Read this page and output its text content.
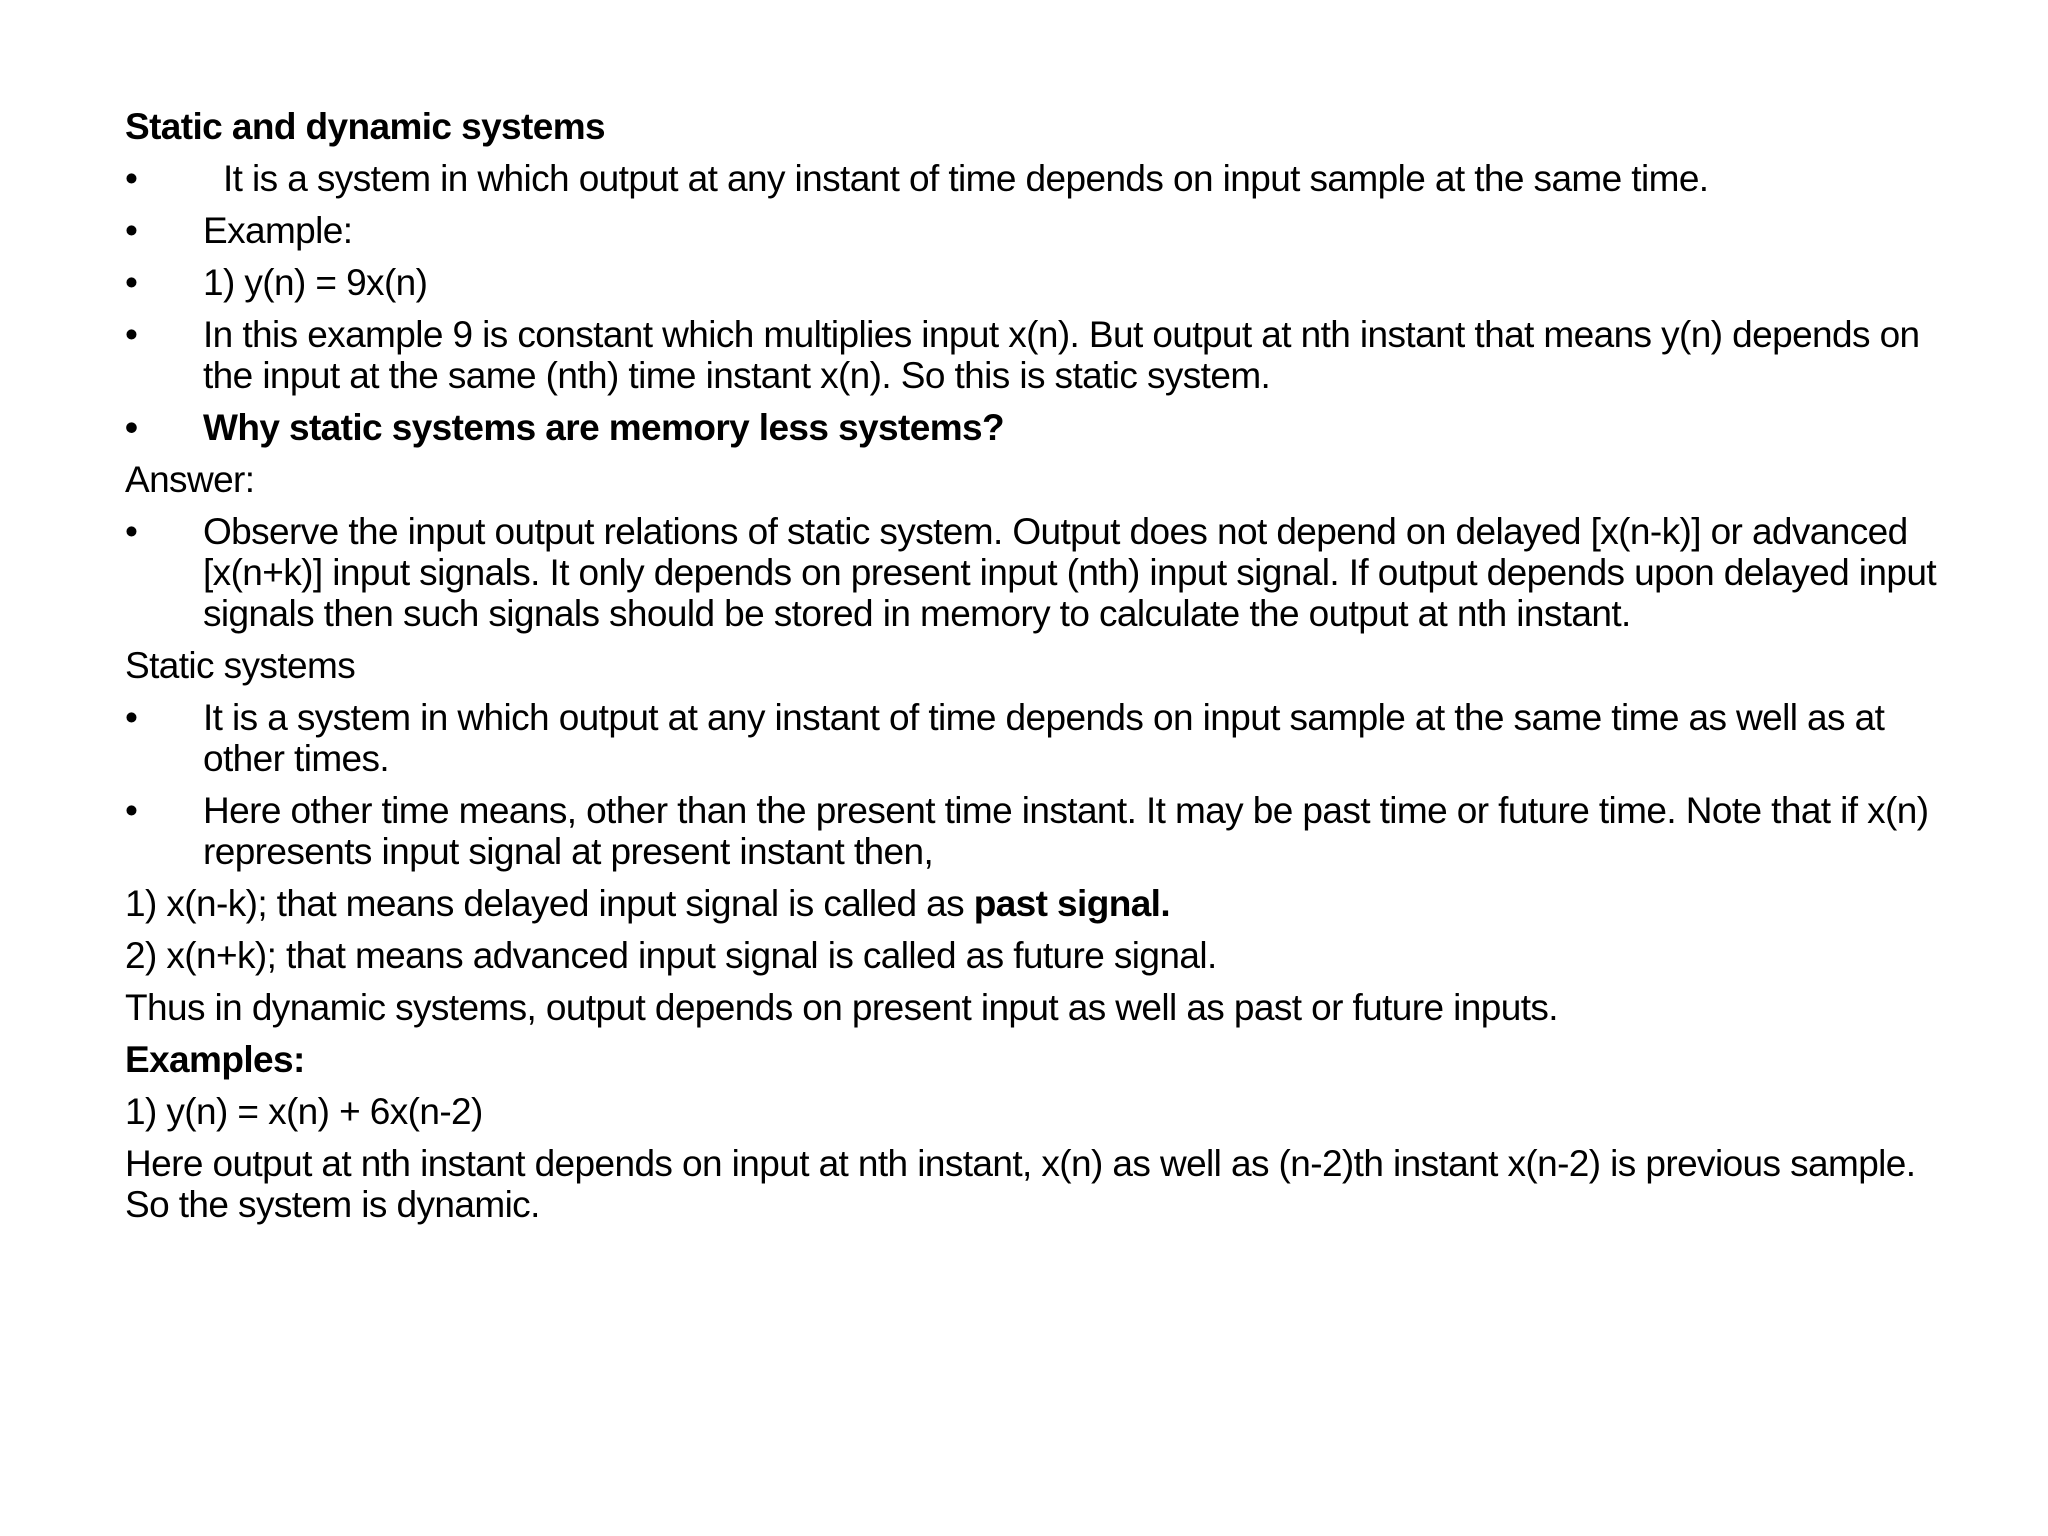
Static and dynamic systems
•	It is a system in which output at any instant of time depends on input sample at the same time.
•	Example:
•	1) y(n) = 9x(n)
•	In this example 9 is constant which multiplies input x(n). But output at nth instant that means y(n) depends on the input at the same (nth) time instant x(n). So this is static system.
•	Why static systems are memory less systems?
Answer:
•	Observe the input output relations of static system. Output does not depend on delayed [x(n-k)] or advanced [x(n+k)] input signals. It only depends on present input (nth) input signal. If output depends upon delayed input signals then such signals should be stored in memory to calculate the output at nth instant.
Static systems
•	It is a system in which output at any instant of time depends on input sample at the same time as well as at other times.
•	Here other time means, other than the present time instant. It may be past time or future time. Note that if x(n) represents input signal at present instant then,
1) x(n-k); that means delayed input signal is called as past signal.
2) x(n+k); that means advanced input signal is called as future signal.
Thus in dynamic systems, output depends on present input as well as past or future inputs.
Examples:
1) y(n) = x(n) + 6x(n-2)
Here output at nth instant depends on input at nth instant, x(n) as well as (n-2)th instant x(n-2) is previous sample. So the system is dynamic.
